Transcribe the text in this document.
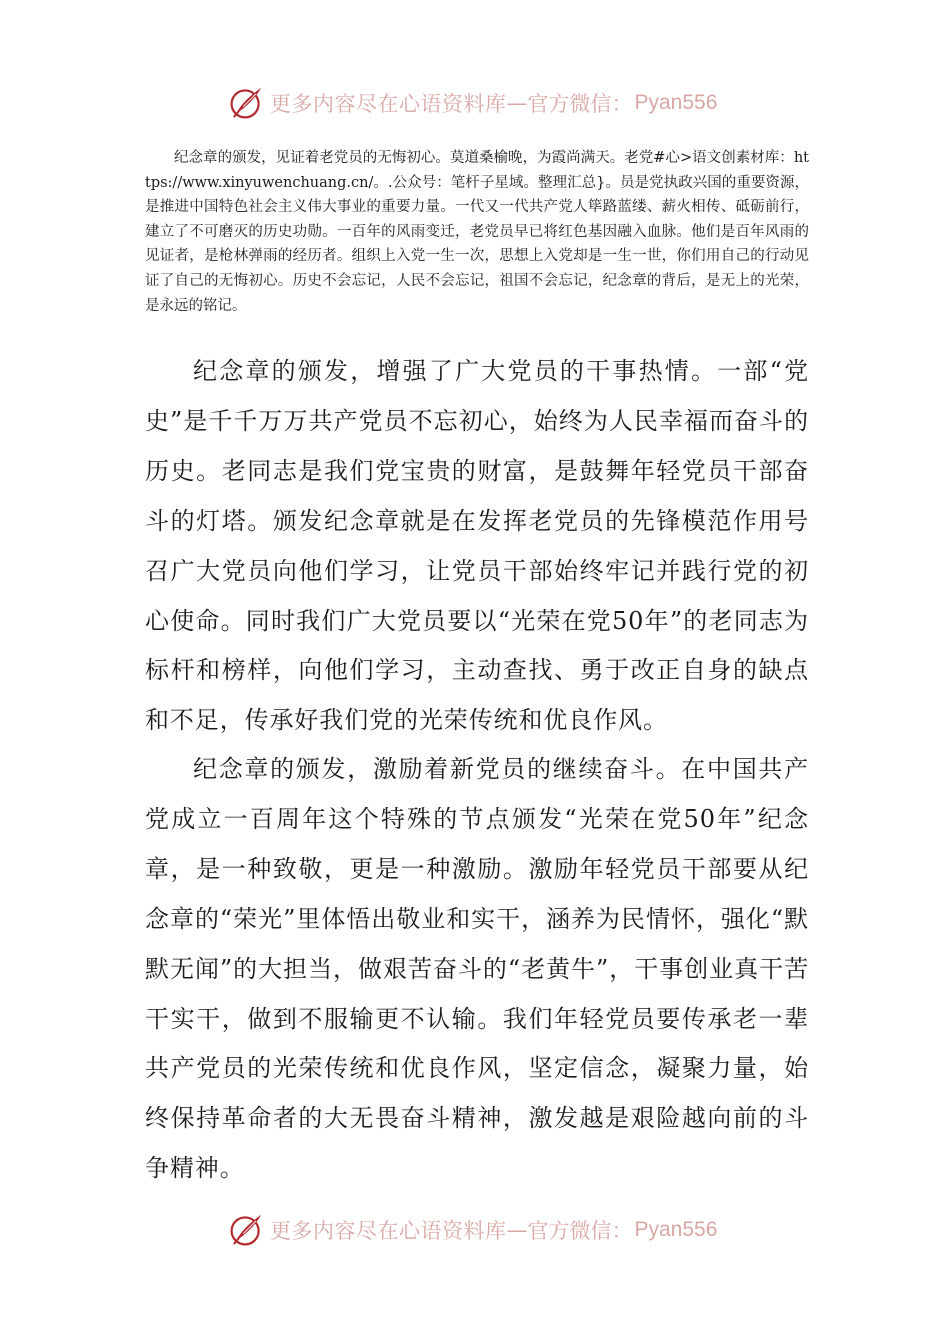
更多内容尽在心语资料库 — 官方微信： Pyan556

纪念章的颁发，见证着老党员的无悔初心。莫道桑榆晚，为霞尚满天。老党#心>语文创素材库：https://www.xinyuwenchuang.cn/。.公众号：笔杆子星域。整理汇总}。员是党执政兴国的重要资源，是推进中国特色社会主义伟大事业的重要力量。一代又一代共产党人筚路蓝缕、薪火相传、砥砺前行，建立了不可磨灭的历史功勋。一百年的风雨变迁，老党员早已将红色基因融入血脉。他们是百年风雨的见证者，是枪林弹雨的经历者。组织上入党一生一次，思想上入党却是一生一世，你们用自己的行动见证了自己的无悔初心。历史不会忘记，人民不会忘记，祖国不会忘记，纪念章的背后，是无上的光荣，是永远的铭记。

纪念章的颁发，增强了广大党员的干事热情。一部“党史”是千千万万共产党员不忘初心，始终为人民幸福而奋斗的历史。老同志是我们党宝贵的财富，是鼓舞年轻党员干部奋斗的灯塔。颁发纪念章就是在发挥老党员的先锋模范作用号召广大党员向他们学习，让党员干部始终牢记并践行党的初心使命。同时我们广大党员要以“光荣在党50年”的老同志为标杆和榜样，向他们学习，主动查找、勇于改正自身的缺点和不足，传承好我们党的光荣传统和优良作风。

纪念章的颁发，激励着新党员的继续奋斗。在中国共产党成立一百周年这个特殊的节点颁发“光荣在党50年”纪念章，是一种致敬，更是一种激励。激励年轻党员干部要从纪念章的“荣光”里体悟出敬业和实干，涵养为民情怀，强化“默默无闻”的大担当，做艰苦奋斗的“老黄牛”，干事创业真干苦干实干，做到不服输更不认输。我们年轻党员要传承老一辈共产党员的光荣传统和优良作风，坚定信念，凝聚力量，始终保持革命者的大无畏奋斗精神，激发越是艰险越向前的斗争精神。

更多内容尽在心语资料库 — 官方微信： Pyan556
